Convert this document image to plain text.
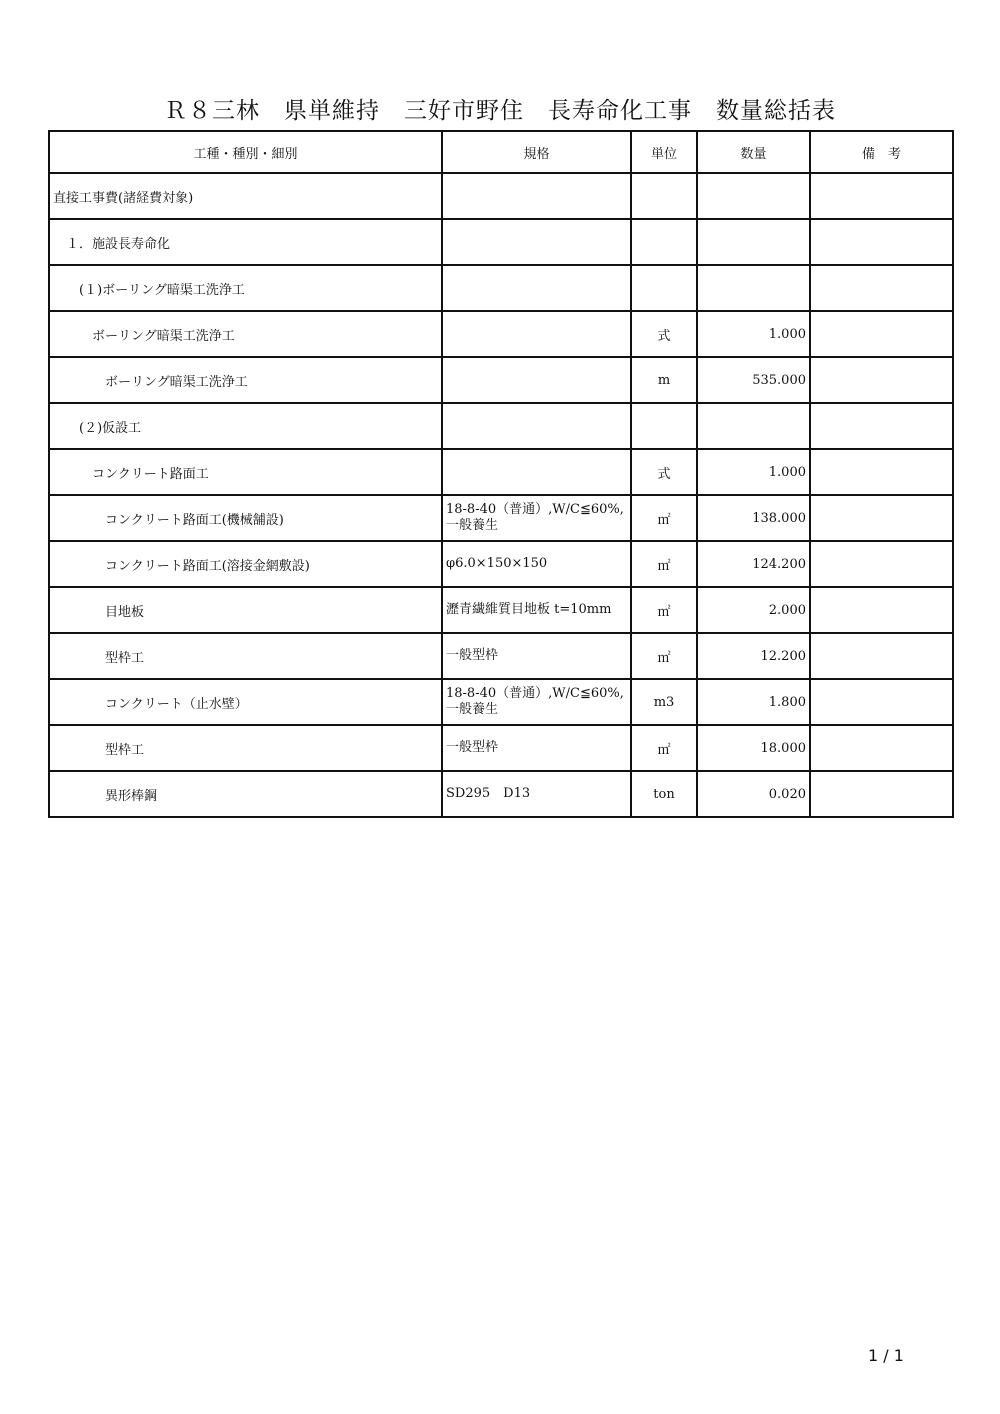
Ｒ８三林　県単維持　三好市野住　長寿命化工事　数量総括表
工種・種別・細別	規格	単位	数量	備　考
直接工事費(諸経費対象)				
　１．施設長寿命化				
　　(１)ボーリング暗渠工洗浄工				
　　　ボーリング暗渠工洗浄工		式	1.000	
　　　　ボーリング暗渠工洗浄工		m	535.000	
　　(２)仮設工				
　　　コンクリート路面工		式	1.000	
　　　　コンクリート路面工(機械舗設)	18-8-40（普通）,W/C≦60%,一般養生	㎡	138.000	
　　　　コンクリート路面工(溶接金網敷設)	φ6.0×150×150	㎡	124.200	
　　　　目地板	瀝青繊維質目地板 t=10mm	㎡	2.000	
　　　　型枠工	一般型枠	㎡	12.200	
　　　　コンクリート（止水壁）	18-8-40（普通）,W/C≦60%,一般養生	m3	1.800	
　　　　型枠工	一般型枠	㎡	18.000	
　　　　異形棒鋼	SD295　D13	ton	0.020	
1 / 1
